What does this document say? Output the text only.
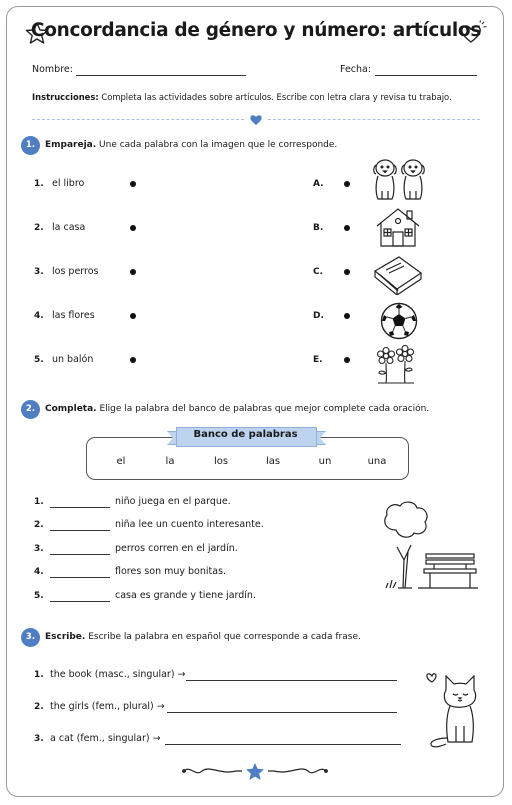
Concordancia de género y número: artículos
Nombre:	Fecha:
Instrucciones: Completa las actividades sobre artículos. Escribe con letra clara y revisa tu trabajo.
1.	Empareja. Une cada palabra con la imagen que le corresponde.
1. el libro
2. la casa
3. los perros
4. las flores
5. un balón
A.
B.
C.
D.
E.
2.	Completa. Elige la palabra del banco de palabras que mejor complete cada oración.
Banco de palabras
el	la	los	las	un	una
1.	niño juega en el parque.
2.	niña lee un cuento interesante.
3.	perros corren en el jardín.
4.	flores son muy bonitas.
5.	casa es grande y tiene jardín.
3.	Escribe. Escribe la palabra en español que corresponde a cada frase.
1. the book (masc., singular) →
2. the girls (fem., plural) →
3. a cat (fem., singular) →
